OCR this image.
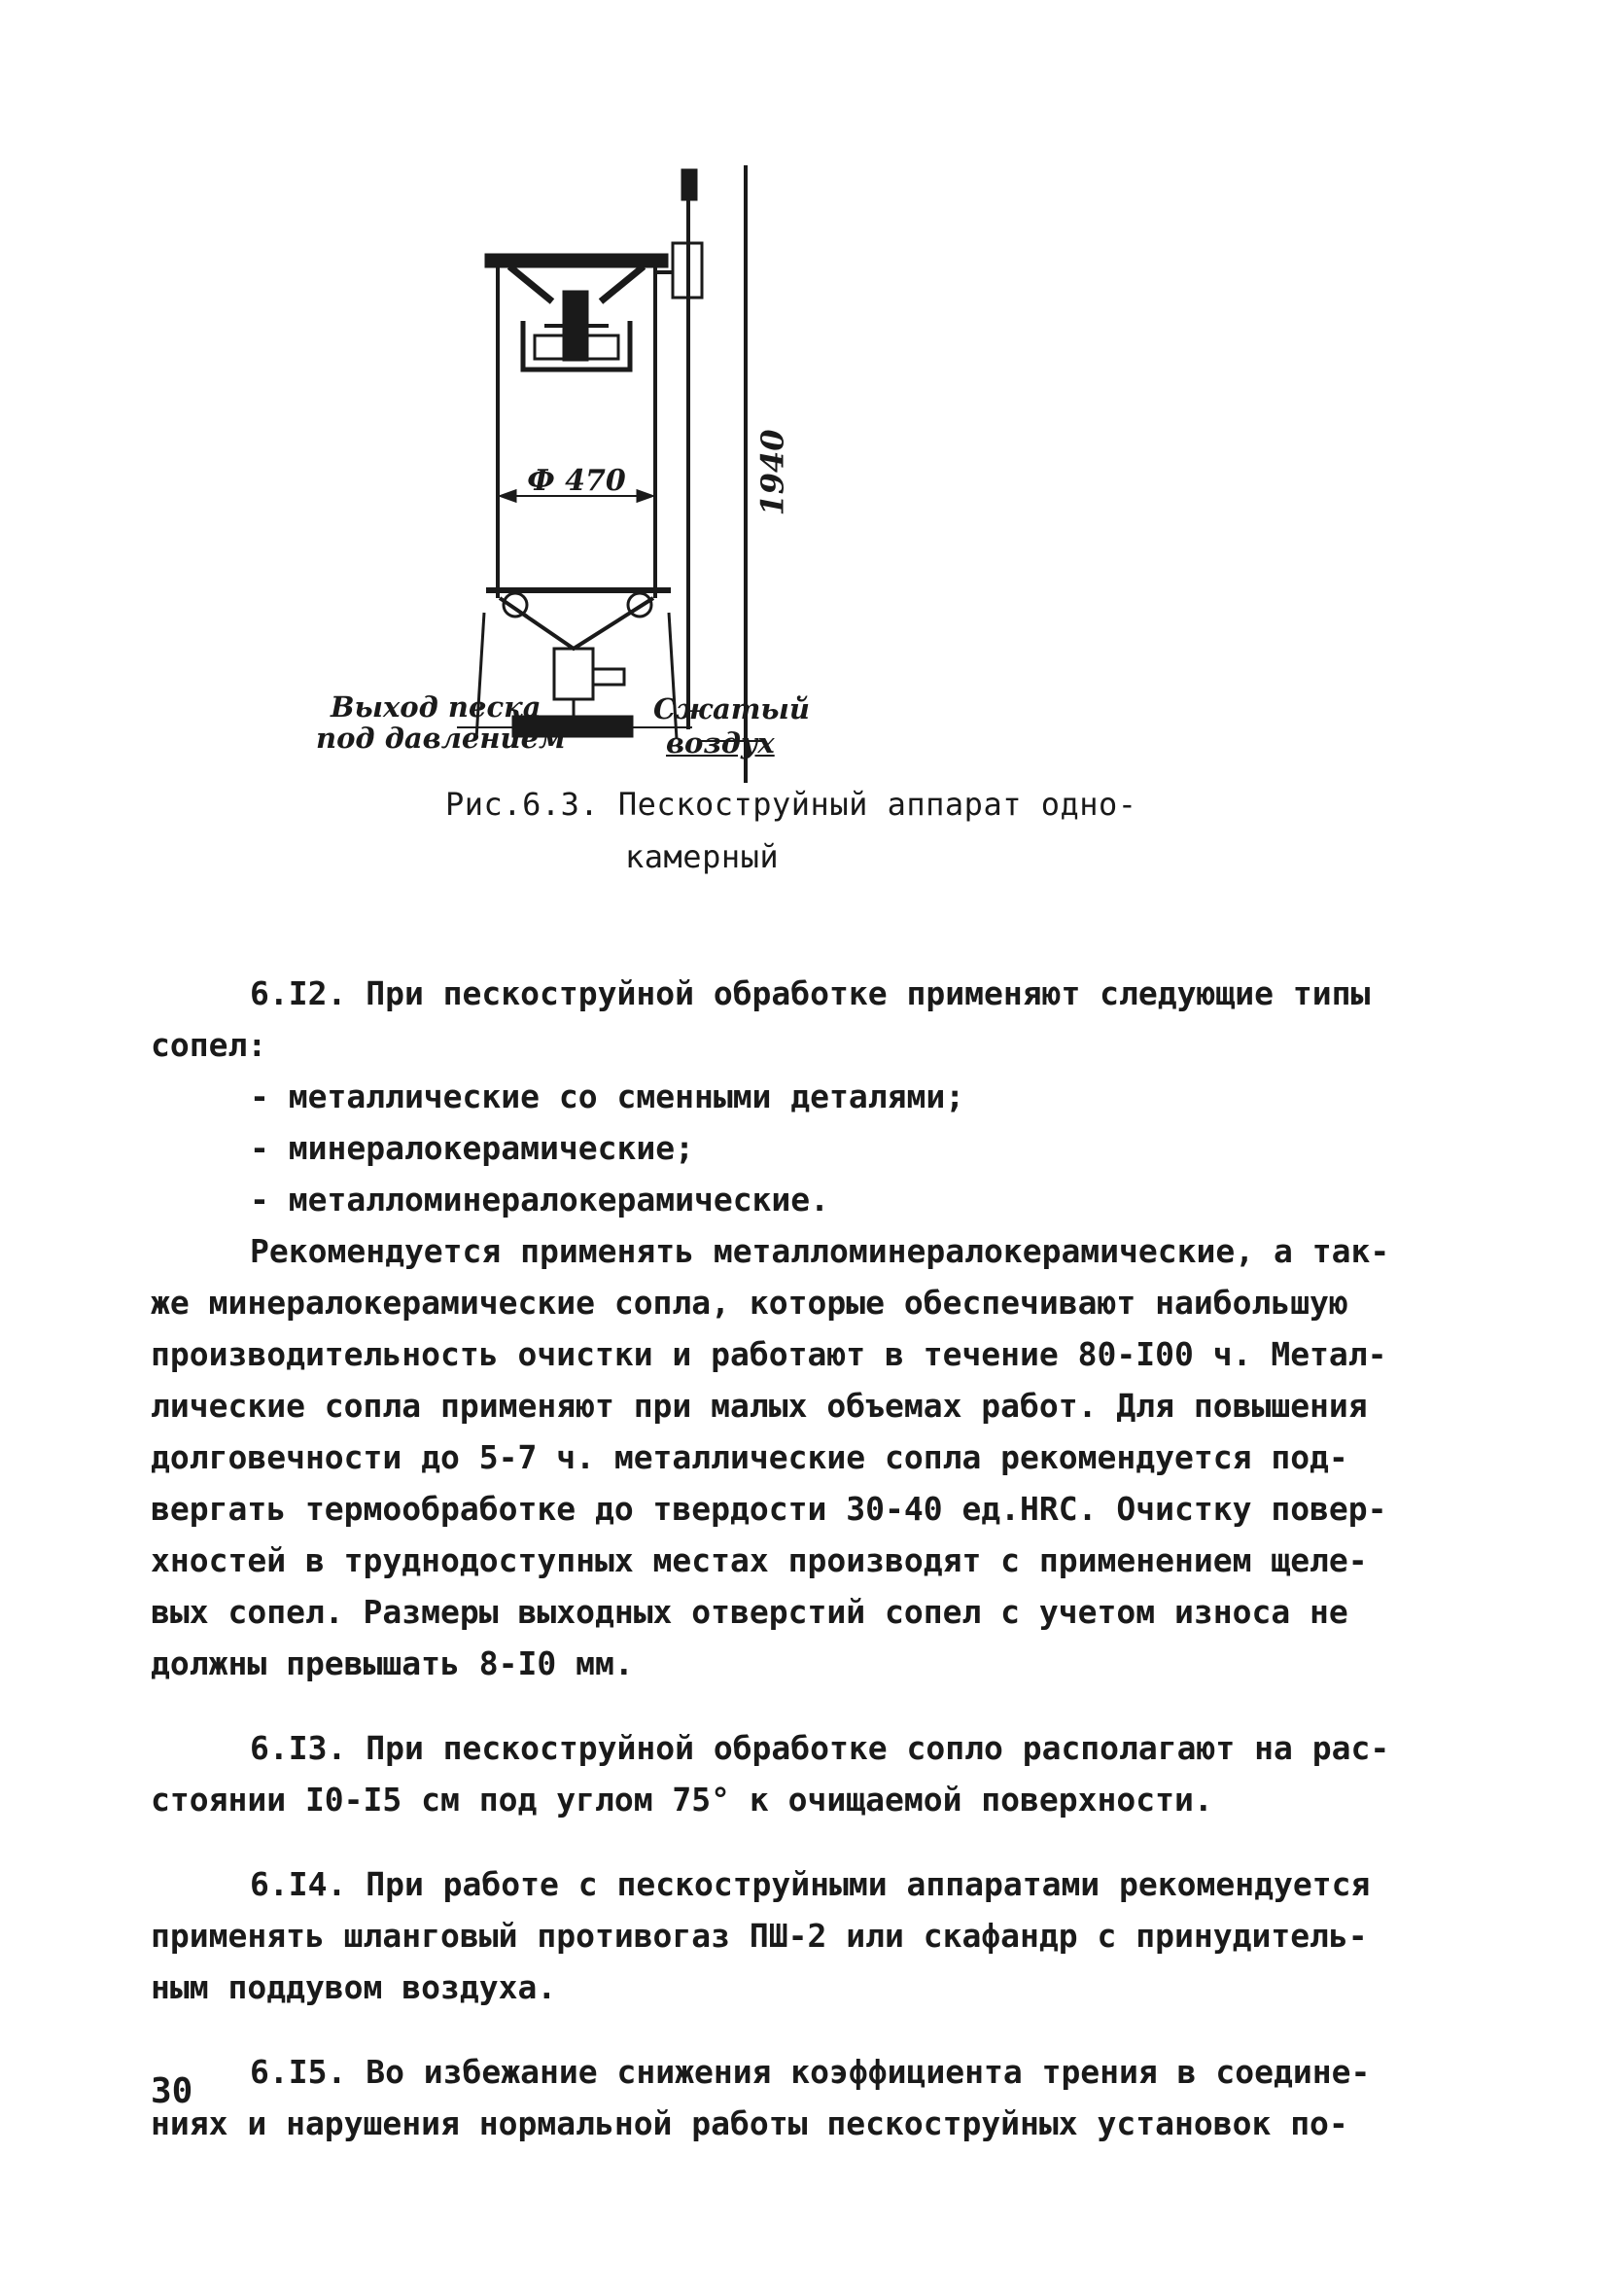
Ф 470	1940
Выход песка
под давлением
Сжатый
воздух
Рис.6.3. Пескоструйный аппарат одно-
камерный

6.I2. При пескоструйной обработке применяют следующие типы

сопел:

- металлические со сменными деталями;

- минералокерамические;

- металломинералокерамические.

Рекомендуется применять металломинералокерамические, а так-

же минералокерамические сопла, которые обеспечивают наибольшую

производительность очистки и работают в течение 80-I00 ч. Метал-

лические сопла применяют при малых объемах работ. Для повышения

долговечности до 5-7 ч. металлические сопла рекомендуется под-

вергать термообработке до твердости 30-40 ед.HRC. Очистку повер-

хностей в труднодоступных местах производят с применением щеле-

вых сопел. Размеры выходных отверстий сопел с учетом износа не

должны превышать 8-I0 мм.

6.I3. При пескоструйной обработке сопло располагают на рас-

стоянии I0-I5 см под углом 75° к очищаемой поверхности.

6.I4. При работе с пескоструйными аппаратами рекомендуется

применять шланговый противогаз ПШ-2 или скафандр с принудитель-

ным поддувом воздуха.

6.I5. Во избежание снижения коэффициента трения в соедине-

ниях и нарушения нормальной работы пескоструйных установок по-

30
